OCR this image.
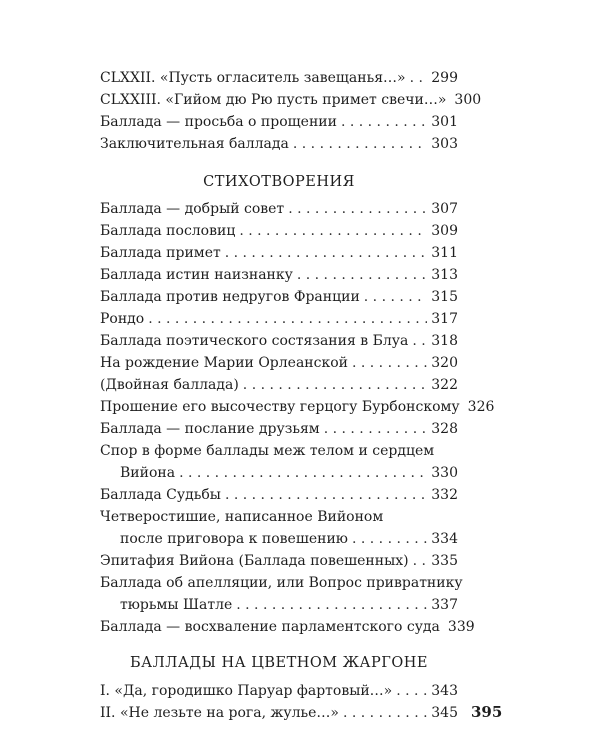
CLXXII. «Пусть огласитель завещанья…» . . . 299
CLXXIII. «Гийом дю Рю пусть примет свечи…» 300
Баллада — просьба о прощении . . .	301
Заключительная баллада . . .	303
СТИХОТВОРЕНИЯ
Баллада — добрый совет . . .	307
Баллада пословиц . . .	309
Баллада примет . . .	311
Баллада истин наизнанку . . .	313
Баллада против недругов Франции . . .	315
Рондо . . .	317
Баллада поэтического состязания в Блуа . . . 318
На рождение Марии Орлеанской . . .	320
(Двойная баллада) . . .	322
Прошение его высочеству герцогу Бурбонскому 326
Баллада — послание друзьям . . .	328
Спор в форме баллады меж телом и сердцем
Вийона . . .	330
Баллада Судьбы . . .	332
Четверостишие, написанное Вийоном
после приговора к повешению . . .	334
Эпитафия Вийона (Баллада повешенных) . . . 335
Баллада об апелляции, или Вопрос привратнику
тюрьмы Шатле . . .	337
Баллада — восхваление парламентского суда 339
БАЛЛАДЫ НА ЦВЕТНОМ ЖАРГОНЕ
I. «Да, городишко Паруар фартовый…» . . .	343
II. «Не лезьте на рога, жулье…» . . .	345 395
